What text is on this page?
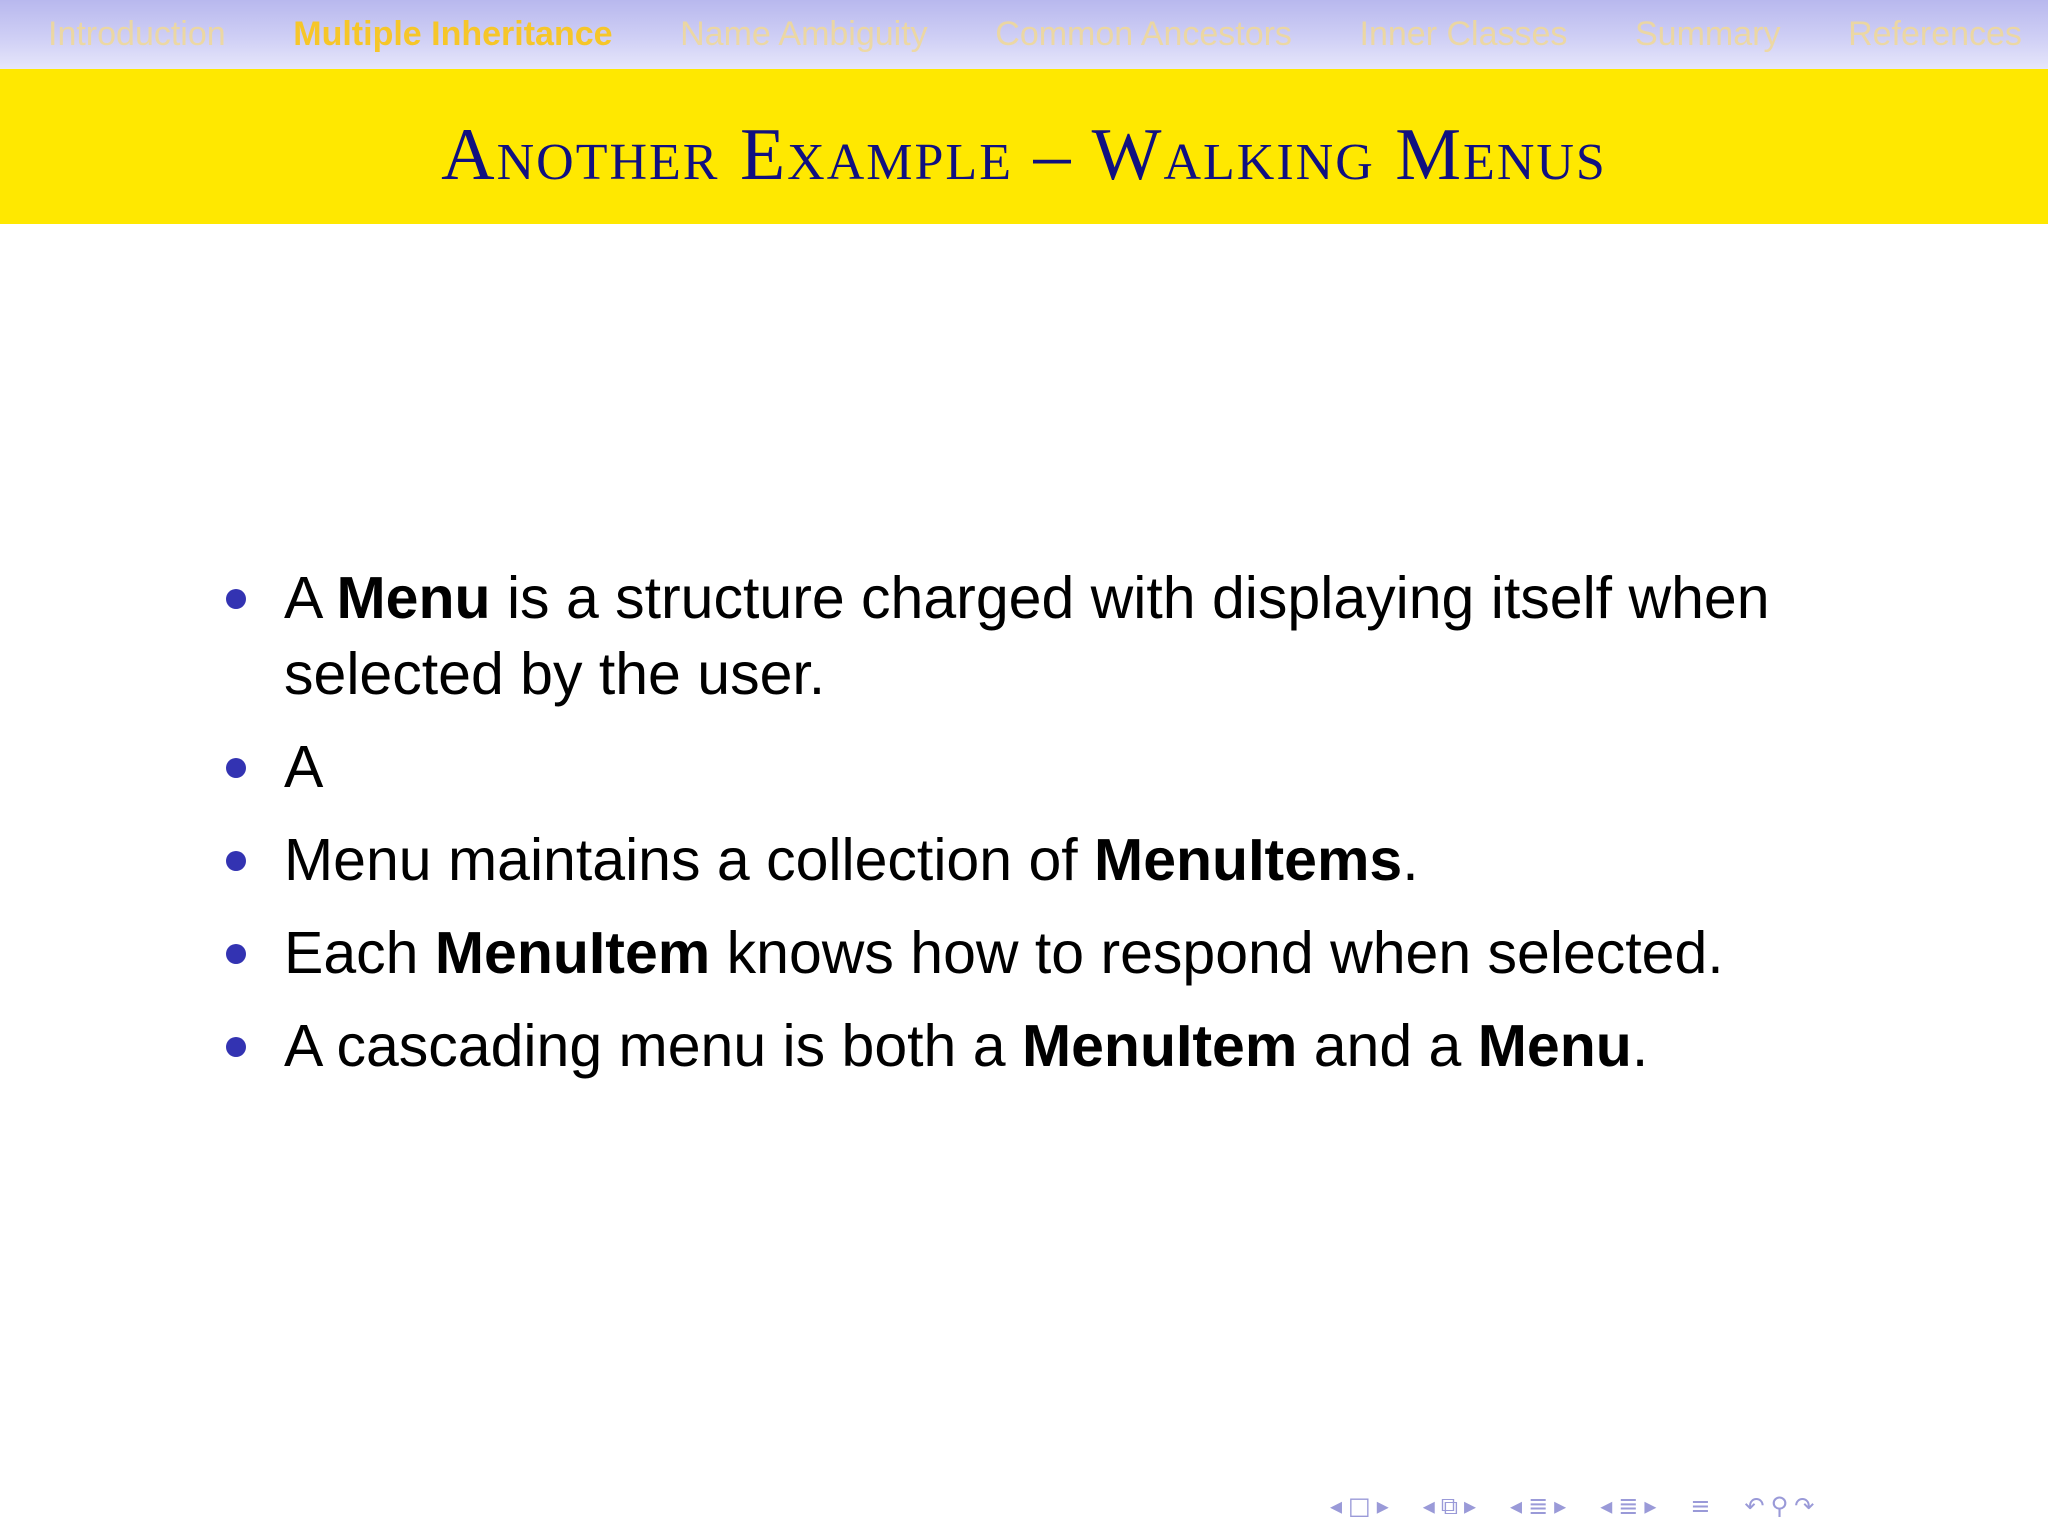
Introduction Multiple Inheritance Name Ambiguity Common Ancestors Inner Classes Summary References
Another Example – Walking Menus
A Menu is a structure charged with displaying itself when selected by the user.
A
Menu maintains a collection of MenuItems.
Each MenuItem knows how to respond when selected.
A cascading menu is both a MenuItem and a Menu.
◂ □ ▸ ◂ ⧉ ▸ ◂ ≣ ▸ ◂ ≣ ▸ ≡ ↶ ⚲ ↷
